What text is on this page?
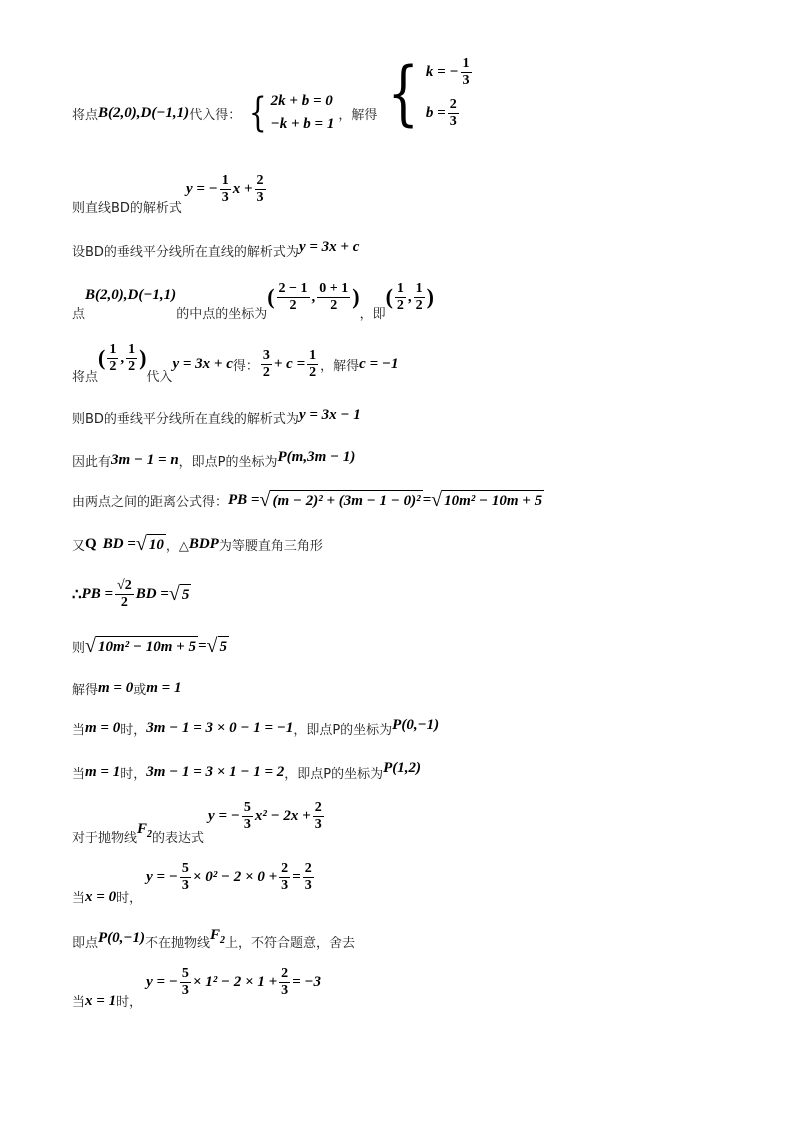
将点 B(2,0),D(−1,1) 代入得： { 2k + b = 0
−k + b = 1
，解得 { k = − $\frac{1}{3}$
$b = \frac{2}{3}$
则直线BD的解析式
y = − $\frac{1}{3}$ $x + \frac{2}{3}$
设BD的垂线平分线所在直线的解析式为 y = 3x + c
点
B(2,0),D(−1,1)
的中点的坐标为
( $\frac{2 - 1}{2}$ , $\frac{0 + 1}{2}$ )
，即
( $\frac{1}{2}$ , $\frac{1}{2}$ )
将点
( $\frac{1}{2}$ , $\frac{1}{2}$ )
代入
y = 3x + c 得： $\frac{3}{2} + c = \frac{1}{2}$ ，解得 c = −1
则BD的垂线平分线所在直线的解析式为 y = 3x − 1
因此有 3m − 1 = n ，即点P的坐标为 P(m,3m − 1)
由两点之间的距离公式得： PB = √ (m − 2)² + (3m − 1 − 0)² = √ 10m² − 10m + 5
又 Q BD = √ 10 ，△ BDP 为等腰直角三角形
∴ PB = $\frac{√2}{2}$ BD = √ 5
则 √ 10m² − 10m + 5 = √ 5
解得 m = 0 或 m = 1
当 m = 0 时， 3m − 1 = 3 × 0 − 1 = −1 ，即点P的坐标为 P(0,−1)
当 m = 1 时， 3m − 1 = 3 × 1 − 1 = 2 ，即点P的坐标为 P(1,2)
对于抛物线
$F_2$ 的表达式
y = − $\frac{5}{3} x^2 - 2x + \frac{2}{3}$
当 x = 0 时，
y = − $\frac{5}{3} \times 0^2 - 2 \times 0 + \frac{2}{3} = \frac{2}{3}$
即点 P(0,−1) 不在抛物线
$F_2$ 上，不符合题意，舍去
当 x = 1 时，
y = − $\frac{5}{3} \times 1^2 - 2 \times 1 + \frac{2}{3} = -3$
